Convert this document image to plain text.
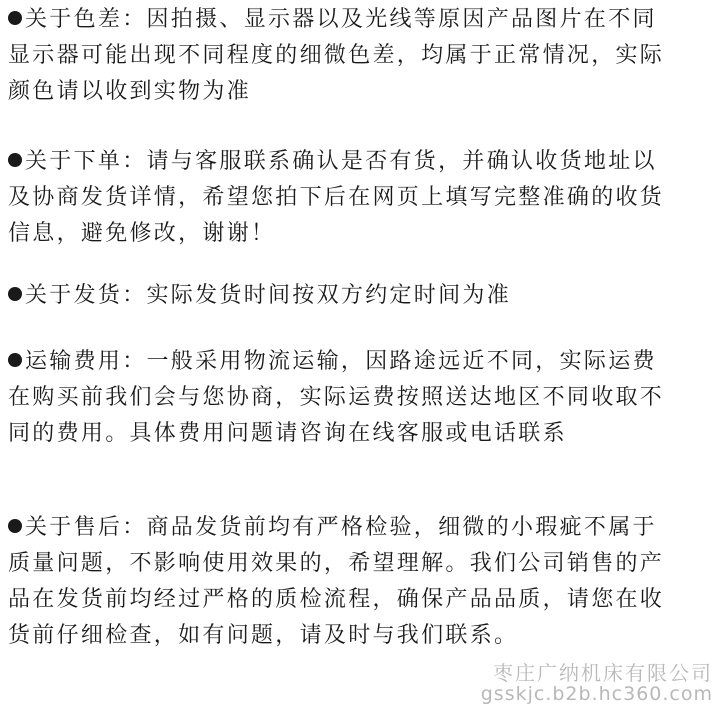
关于色差：因拍摄、显示器以及光线等原因产品图片在不同
显示器可能出现不同程度的细微色差，均属于正常情况，实际
颜色请以收到实物为准
关于下单：请与客服联系确认是否有货，并确认收货地址以
及协商发货详情，希望您拍下后在网页上填写完整准确的收货
信息，避免修改，谢谢！
关于发货：实际发货时间按双方约定时间为准
运输费用：一般采用物流运输，因路途远近不同，实际运费
在购买前我们会与您协商，实际运费按照送达地区不同收取不
同的费用。具体费用问题请咨询在线客服或电话联系
关于售后：商品发货前均有严格检验，细微的小瑕疵不属于
质量问题，不影响使用效果的，希望理解。我们公司销售的产
品在发货前均经过严格的质检流程，确保产品品质，请您在收
货前仔细检查，如有问题，请及时与我们联系。
枣庄广纳机床有限公司
gsskjc.b2b.hc360.com
